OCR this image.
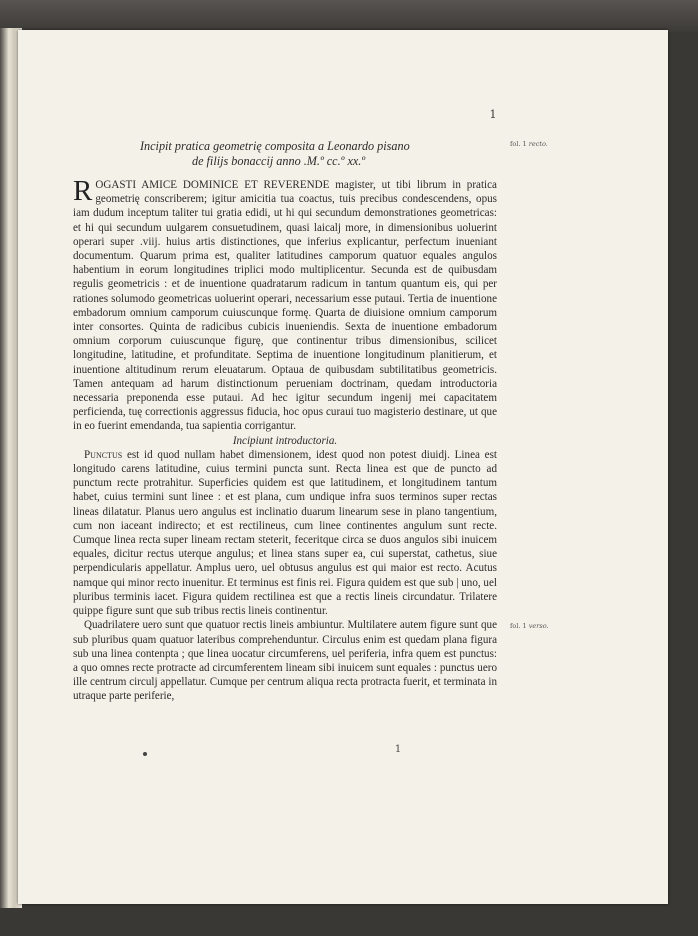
1
fol. 1 recto.
fol. 1 verso.
Incipit pratica geometrię composita a Leonardo pisano
de filijs bonaccij anno .M.º cc.º xx.º

ROGASTI AMICE DOMINICE ET REVERENDE magister, ut tibi librum in pratica geometrię conscriberem; igitur amicitia tua coactus, tuis precibus condescendens, opus iam dudum inceptum taliter tui gratia edidi, ut hi qui secundum demonstrationes geometricas: et hi qui secundum uulgarem consuetudinem, quasi laicalj more, in dimensionibus uoluerint operari super .viij. huius artis distinctiones, que inferius explicantur, perfectum inueniant documentum. Quarum prima est, qualiter latitudines camporum quatuor equales angulos habentium in eorum longitudines triplici modo multiplicentur. Secunda est de quibusdam regulis geometricis : et de inuentione quadratarum radicum in tantum quantum eis, qui per rationes solumodo geometricas uoluerint operari, necessarium esse putaui. Tertia de inuentione embadorum omnium camporum cuiuscunque formę. Quarta de diuisione omnium camporum inter consortes. Quinta de radicibus cubicis inueniendis. Sexta de inuentione embadorum omnium corporum cuiuscunque figurę, que continentur tribus dimensionibus, scilicet longitudine, latitudine, et profunditate. Septima de inuentione longitudinum planitierum, et inuentione altitudinum rerum eleuatarum. Optaua de quibusdam subtilitatibus geometricis. Tamen antequam ad harum distinctionum perueniam doctrinam, quedam introductoria necessaria preponenda esse putaui. Ad hec igitur secundum ingenij mei capacitatem perficienda, tuę correctionis aggressus fiducia, hoc opus curaui tuo magisterio destinare, ut que in eo fuerint emendanda, tua sapientia corrigantur.

Incipiunt introductoria.

Punctus est id quod nullam habet dimensionem, idest quod non potest diuidj. Linea est longitudo carens latitudine, cuius termini puncta sunt. Recta linea est que de puncto ad punctum recte protrahitur. Superficies quidem est que latitudinem, et longitudinem tantum habet, cuius termini sunt linee : et est plana, cum undique infra suos terminos super rectas lineas dilatatur. Planus uero angulus est inclinatio duarum linearum sese in plano tangentium, cum non iaceant indirecto; et est rectilineus, cum linee continentes angulum sunt recte. Cumque linea recta super lineam rectam steterit, feceritque circa se duos angulos sibi inuicem equales, dicitur rectus uterque angulus; et linea stans super ea, cui superstat, cathetus, siue perpendicularis appellatur. Amplus uero, uel obtusus angulus est qui maior est recto. Acutus namque qui minor recto inuenitur. Et terminus est finis rei. Figura quidem est que sub | uno, uel pluribus terminis iacet. Figura quidem rectilinea est que a rectis lineis circundatur. Trilatere quippe figure sunt que sub tribus rectis lineis continentur.

Quadrilatere uero sunt que quatuor rectis lineis ambiuntur. Multilatere autem figure sunt que sub pluribus quam quatuor lateribus comprehenduntur. Circulus enim est quedam plana figura sub una linea contenpta ; que linea uocatur circumferens, uel periferia, infra quem est punctus: a quo omnes recte protracte ad circumferentem lineam sibi inuicem sunt equales : punctus uero ille centrum circulj appellatur. Cumque per centrum aliqua recta protracta fuerit, et terminata in utraque parte periferie,

1
